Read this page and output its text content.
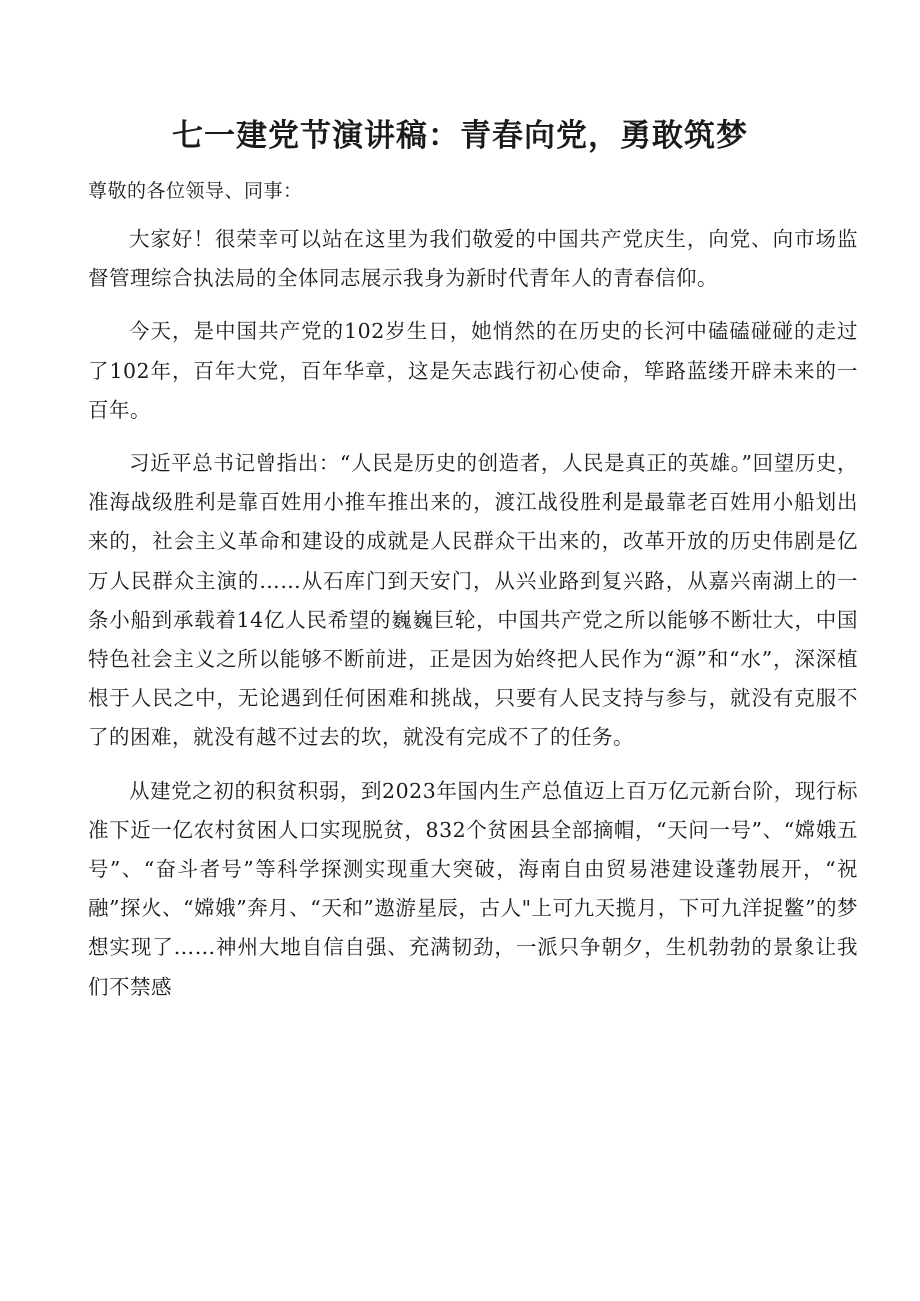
七一建党节演讲稿：青春向党，勇敢筑梦

尊敬的各位领导、同事：

大家好！很荣幸可以站在这里为我们敬爱的中国共产党庆生，向党、向市场监督管理综合执法局的全体同志展示我身为新时代青年人的青春信仰。

今天，是中国共产党的102岁生日，她悄然的在历史的长河中磕磕碰碰的走过了102年，百年大党，百年华章，这是矢志践行初心使命，筚路蓝缕开辟未来的一百年。

习近平总书记曾指出：“人民是历史的创造者，人民是真正的英雄。”回望历史，准海战级胜利是靠百姓用小推车推出来的，渡江战役胜利是最靠老百姓用小船划出来的，社会主义革命和建设的成就是人民群众干出来的，改革开放的历史伟剧是亿万人民群众主演的……从石库门到天安门，从兴业路到复兴路，从嘉兴南湖上的一条小船到承载着14亿人民希望的巍巍巨轮，中国共产党之所以能够不断壮大，中国特色社会主义之所以能够不断前进，正是因为始终把人民作为“源”和“水”，深深植根于人民之中，无论遇到任何困难和挑战，只要有人民支持与参与，就没有克服不了的困难，就没有越不过去的坎，就没有完成不了的任务。

从建党之初的积贫积弱，到2023年国内生产总值迈上百万亿元新台阶，现行标准下近一亿农村贫困人口实现脱贫，832个贫困县全部摘帽，“天问一号”、“嫦娥五号”、“奋斗者号”等科学探测实现重大突破，海南自由贸易港建设蓬勃展开，“祝融”探火、“嫦娥”奔月、“天和”遨游星辰，古人"上可九天揽月，下可九洋捉鳖”的梦想实现了……神州大地自信自强、充满韧劲，一派只争朝夕，生机勃勃的景象让我们不禁感
